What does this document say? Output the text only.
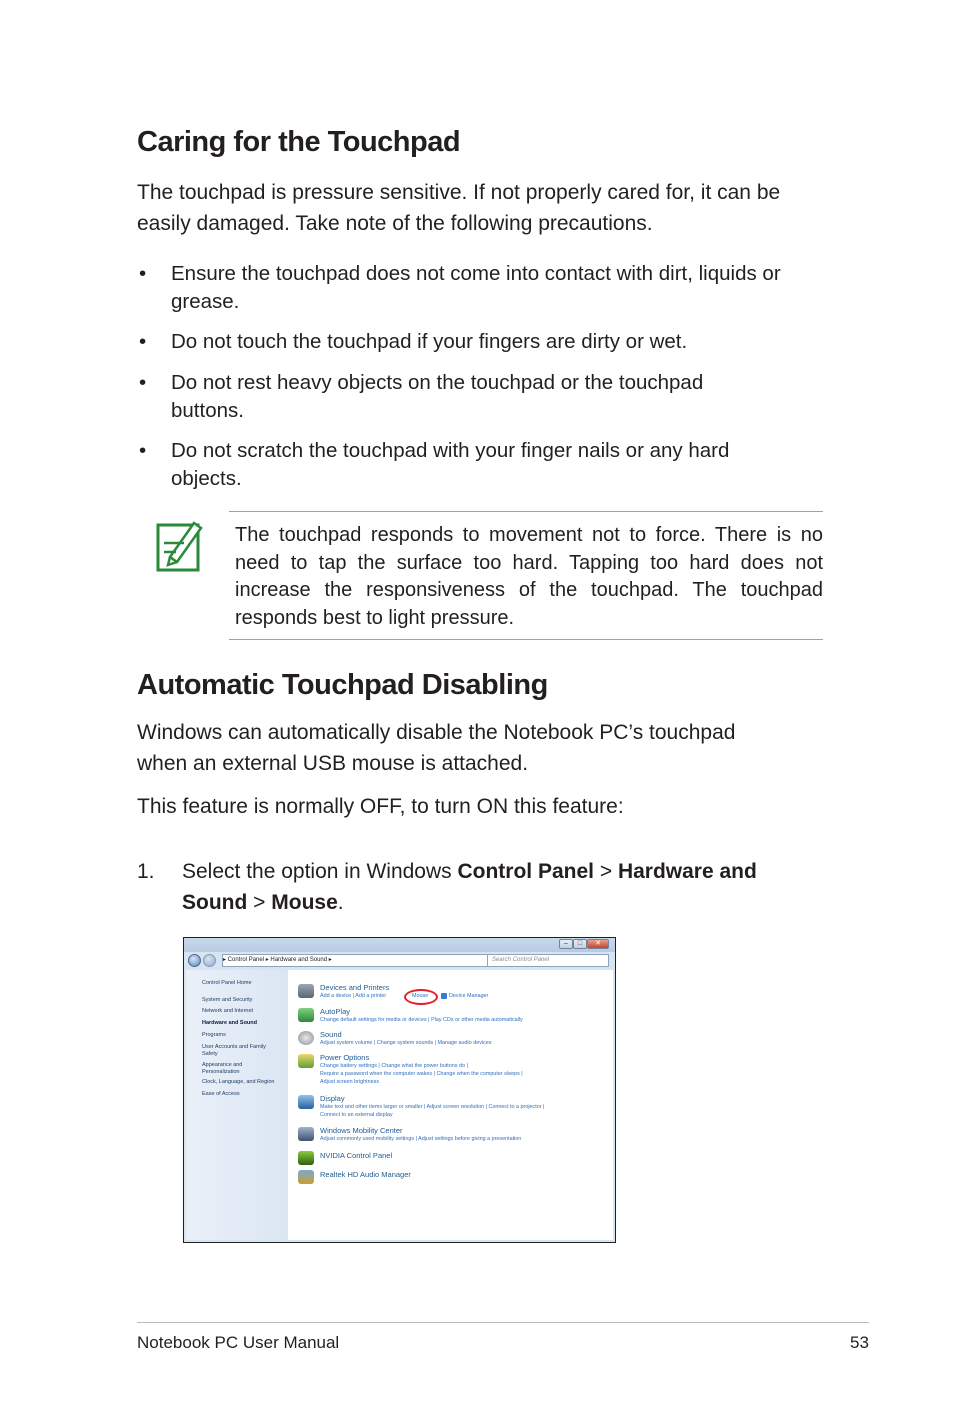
Caring for the Touchpad
The touchpad is pressure sensitive. If not properly cared for, it can be
easily damaged. Take note of the following precautions.
•	Ensure the touchpad does not come into contact with dirt, liquids or
grease.
•	Do not touch the touchpad if your fingers are dirty or wet.
•	Do not rest heavy objects on the touchpad or the touchpad
buttons.
•	Do not scratch the touchpad with your finger nails or any hard
objects.
The touchpad responds to movement not to force. There is no need to tap the surface too hard. Tapping too hard does not increase the responsiveness of the touchpad. The touchpad responds best to light pressure.
Automatic Touchpad Disabling
Windows can automatically disable the Notebook PC’s touchpad
when an external USB mouse is attached.
This feature is normally OFF, to turn ON this feature:
1. Select the option in Windows Control Panel > Hardware and
Sound > Mouse.
–	□	✕
▸ Control Panel ▸ Hardware and Sound ▸	Search Control Panel
Control Panel Home
System and Security
Network and Internet
Hardware and Sound
Programs
User Accounts and Family
Safety
Appearance and
Personalization
Clock, Language, and Region
Ease of Access
Devices and Printers
Add a device | Add a printer	Mouse	Device Manager
AutoPlay
Change default settings for media or devices | Play CDs or other media automatically
Sound
Adjust system volume | Change system sounds | Manage audio devices
Power Options
Change battery settings | Change what the power buttons do |
Require a password when the computer wakes | Change when the computer sleeps |
Adjust screen brightness
Display
Make text and other items larger or smaller | Adjust screen resolution | Connect to a projector |
Connect to an external display
Windows Mobility Center
Adjust commonly used mobility settings | Adjust settings before giving a presentation
NVIDIA Control Panel
Realtek HD Audio Manager
Notebook PC User Manual	53
